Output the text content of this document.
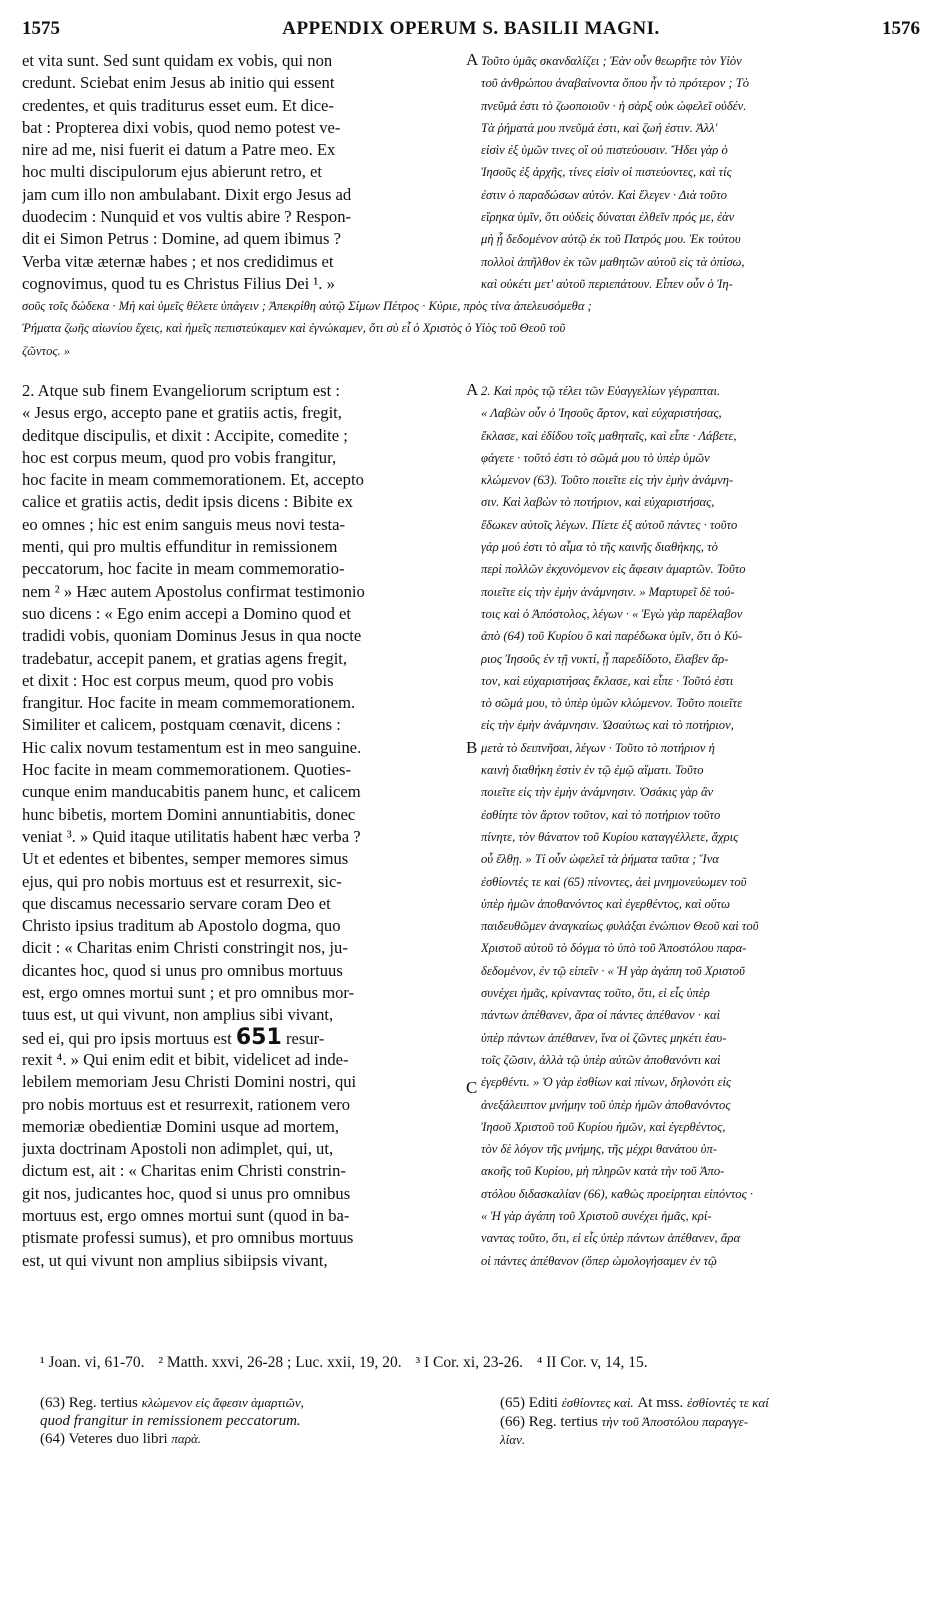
1575	APPENDIX OPERUM S. BASILII MAGNI.	1576
et vita sunt. Sed sunt quidam ex vobis, qui non
credunt. Sciebat enim Jesus ab initio qui essent
credentes, et quis traditurus esset eum. Et dice-
bat : Propterea dixi vobis, quod nemo potest ve-
nire ad me, nisi fuerit ei datum a Patre meo. Ex
hoc multi discipulorum ejus abierunt retro, et
jam cum illo non ambulabant. Dixit ergo Jesus ad
duodecim : Nunquid et vos vultis abire ? Respon-
dit ei Simon Petrus : Domine, ad quem ibimus ?
Verba vitæ æternæ habes ; et nos credidimus et
cognovimus, quod tu es Christus Filius Dei ¹. »
Τοῦτο ὑμᾶς σκανδαλίζει ; Ἐὰν οὖν θεωρῆτε τὸν Υἱὸν
τοῦ ἀνθρώπου ἀναβαίνοντα ὅπου ἦν τὸ πρότερον ; Τὸ
πνεῦμά ἐστι τὸ ζωοποιοῦν · ἡ σὰρξ οὐκ ὠφελεῖ οὐδέν.
Τὰ ῥήματά μου πνεῦμά ἐστι, καὶ ζωή ἐστιν. Ἀλλ'
εἰσὶν ἐξ ὑμῶν τινες οἳ οὐ πιστεύουσιν. Ἤδει γὰρ ὁ
Ἰησοῦς ἐξ ἀρχῆς, τίνες εἰσὶν οἱ πιστεύοντες, καὶ τίς
ἐστιν ὁ παραδώσων αὐτόν. Καὶ ἔλεγεν · Διὰ τοῦτο
εἴρηκα ὑμῖν, ὅτι οὐδεὶς δύναται ἐλθεῖν πρός με, ἐὰν
μὴ ᾖ δεδομένον αὐτῷ ἐκ τοῦ Πατρός μου. Ἐκ τούτου
πολλοὶ ἀπῆλθον ἐκ τῶν μαθητῶν αὐτοῦ εἰς τὰ ὀπίσω,
καὶ οὐκέτι μετ' αὐτοῦ περιεπάτουν. Εἶπεν οὖν ὁ Ἰη-
A
σοῦς τοῖς δώδεκα · Μὴ καὶ ὑμεῖς θέλετε ὑπάγειν ; Ἀπεκρίθη αὐτῷ Σίμων Πέτρος · Κύριε, πρὸς τίνα ἀπελευσόμεθα ;
Ῥήματα ζωῆς αἰωνίου ἔχεις, καὶ ἡμεῖς πεπιστεύκαμεν καὶ ἐγνώκαμεν, ὅτι σὺ εἶ ὁ Χριστὸς ὁ Υἱὸς τοῦ Θεοῦ τοῦ
ζῶντος. »
2. Atque sub finem Evangeliorum scriptum est :
« Jesus ergo, accepto pane et gratiis actis, fregit,
deditque discipulis, et dixit : Accipite, comedite ;
hoc est corpus meum, quod pro vobis frangitur,
hoc facite in meam commemorationem. Et, accepto
calice et gratiis actis, dedit ipsis dicens : Bibite ex
eo omnes ; hic est enim sanguis meus novi testa-
menti, qui pro multis effunditur in remissionem
peccatorum, hoc facite in meam commemoratio-
nem ² » Hæc autem Apostolus confirmat testimonio
suo dicens : « Ego enim accepi a Domino quod et
tradidi vobis, quoniam Dominus Jesus in qua nocte
tradebatur, accepit panem, et gratias agens fregit,
et dixit : Hoc est corpus meum, quod pro vobis
frangitur. Hoc facite in meam commemorationem.
Similiter et calicem, postquam cœnavit, dicens :
Hic calix novum testamentum est in meo sanguine.
Hoc facite in meam commemorationem. Quoties-
cunque enim manducabitis panem hunc, et calicem
hunc bibetis, mortem Domini annuntiabitis, donec
veniat ³. » Quid itaque utilitatis habent hæc verba ?
Ut et edentes et bibentes, semper memores simus
ejus, qui pro nobis mortuus est et resurrexit, sic-
que discamus necessario servare coram Deo et
Christo ipsius traditum ab Apostolo dogma, quo
dicit : « Charitas enim Christi constringit nos, ju-
dicantes hoc, quod si unus pro omnibus mortuus
est, ergo omnes mortui sunt ; et pro omnibus mor-
tuus est, ut qui vivunt, non amplius sibi vivant,
sed ei, qui pro ipsis mortuus est 651 resur-
rexit ⁴. » Qui enim edit et bibit, videlicet ad inde-
lebilem memoriam Jesu Christi Domini nostri, qui
pro nobis mortuus est et resurrexit, rationem vero
memoriæ obedientiæ Domini usque ad mortem,
juxta doctrinam Apostoli non adimplet, qui, ut,
dictum est, ait : « Charitas enim Christi constrin-
git nos, judicantes hoc, quod si unus pro omnibus
mortuus est, ergo omnes mortui sunt (quod in ba-
ptismate professi sumus), et pro omnibus mortuus
est, ut qui vivunt non amplius sibiipsis vivant,
2. Καὶ πρὸς τῷ τέλει τῶν Εὐαγγελίων γέγραπται.
« Λαβὼν οὖν ὁ Ἰησοῦς ἄρτον, καὶ εὐχαριστήσας,
ἔκλασε, καὶ ἐδίδου τοῖς μαθηταῖς, καὶ εἶπε · Λάβετε,
φάγετε · τοῦτό ἐστι τὸ σῶμά μου τὸ ὑπὲρ ὑμῶν
κλώμενον (63). Τοῦτο ποιεῖτε εἰς τὴν ἐμὴν ἀνάμνη-
σιν. Καὶ λαβὼν τὸ ποτήριον, καὶ εὐχαριστήσας,
ἔδωκεν αὐτοῖς λέγων. Πίετε ἐξ αὐτοῦ πάντες · τοῦτο
γάρ μού ἐστι τὸ αἷμα τὸ τῆς καινῆς διαθήκης, τὸ
περὶ πολλῶν ἐκχυνόμενον εἰς ἄφεσιν ἁμαρτῶν. Τοῦτο
ποιεῖτε εἰς τὴν ἐμὴν ἀνάμνησιν. » Μαρτυρεῖ δὲ τού-
τοις καὶ ὁ Ἀπόστολος, λέγων · « Ἐγὼ γὰρ παρέλαβον
ἀπὸ (64) τοῦ Κυρίου ὃ καὶ παρέδωκα ὑμῖν, ὅτι ὁ Κύ-
ριος Ἰησοῦς ἐν τῇ νυκτί, ᾗ παρεδίδοτο, ἔλαβεν ἄρ-
τον, καὶ εὐχαριστήσας ἔκλασε, καὶ εἶπε · Τοῦτό ἐστι
τὸ σῶμά μου, τὸ ὑπὲρ ὑμῶν κλώμενον. Τοῦτο ποιεῖτε
εἰς τὴν ἐμὴν ἀνάμνησιν. Ὡσαύτως καὶ τὸ ποτήριον,
μετὰ τὸ δειπνῆσαι, λέγων · Τοῦτο τὸ ποτήριον ἡ
καινὴ διαθήκη ἐστὶν ἐν τῷ ἐμῷ αἵματι. Τοῦτο
ποιεῖτε εἰς τὴν ἐμὴν ἀνάμνησιν. Ὁσάκις γὰρ ἂν
ἐσθίητε τὸν ἄρτον τοῦτον, καὶ τὸ ποτήριον τοῦτο
πίνητε, τὸν θάνατον τοῦ Κυρίου καταγγέλλετε, ἄχρις
οὗ ἔλθῃ. » Τί οὖν ὠφελεῖ τὰ ῥήματα ταῦτα ; Ἵνα
ἐσθίοντές τε καὶ (65) πίνοντες, ἀεὶ μνημονεύωμεν τοῦ
ὑπὲρ ἡμῶν ἀποθανόντος καὶ ἐγερθέντος, καὶ οὕτω
παιδευθῶμεν ἀναγκαίως φυλάξαι ἐνώπιον Θεοῦ καὶ τοῦ
Χριστοῦ αὐτοῦ τὸ δόγμα τὸ ὑπὸ τοῦ Ἀποστόλου παρα-
δεδομένον, ἐν τῷ εἰπεῖν · « Ἡ γὰρ ἀγάπη τοῦ Χριστοῦ
συνέχει ἡμᾶς, κρίναντας τοῦτο, ὅτι, εἰ εἷς ὑπὲρ
πάντων ἀπέθανεν, ἄρα οἱ πάντες ἀπέθανον · καὶ
ὑπὲρ πάντων ἀπέθανεν, ἵνα οἱ ζῶντες μηκέτι ἑαυ-
τοῖς ζῶσιν, ἀλλὰ τῷ ὑπὲρ αὐτῶν ἀποθανόντι καὶ
ἐγερθέντι. » Ὁ γὰρ ἐσθίων καὶ πίνων, δηλονότι εἰς
ἀνεξάλειπτον μνήμην τοῦ ὑπὲρ ἡμῶν ἀποθανόντος
Ἰησοῦ Χριστοῦ τοῦ Κυρίου ἡμῶν, καὶ ἐγερθέντος,
τὸν δὲ λόγον τῆς μνήμης, τῆς μέχρι θανάτου ὑπ-
ακοῆς τοῦ Κυρίου, μὴ πληρῶν κατὰ τὴν τοῦ Ἀπο-
στόλου διδασκαλίαν (66), καθὼς προείρηται εἰπόντος ·
« Ἡ γὰρ ἀγάπη τοῦ Χριστοῦ συνέχει ἡμᾶς, κρί-
ναντας τοῦτο, ὅτι, εἰ εἷς ὑπὲρ πάντων ἀπέθανεν, ἄρα
οἱ πάντες ἀπέθανον (ὅπερ ὡμολογήσαμεν ἐν τῷ
A
B
C
¹ Joan. vi, 61-70. ² Matth. xxvi, 26-28 ; Luc. xxii, 19, 20. ³ I Cor. xi, 23-26. ⁴ II Cor. v, 14, 15.
(63) Reg. tertius κλώμενον εἰς ἄφεσιν ἁμαρτιῶν,
quod frangitur in remissionem peccatorum.
(64) Veteres duo libri παρὰ.
(65) Editi ἐσθίοντες καὶ. At mss. ἐσθίοντές τε καί
(66) Reg. tertius τὴν τοῦ Ἀποστόλου παραγγε-
λίαν.
